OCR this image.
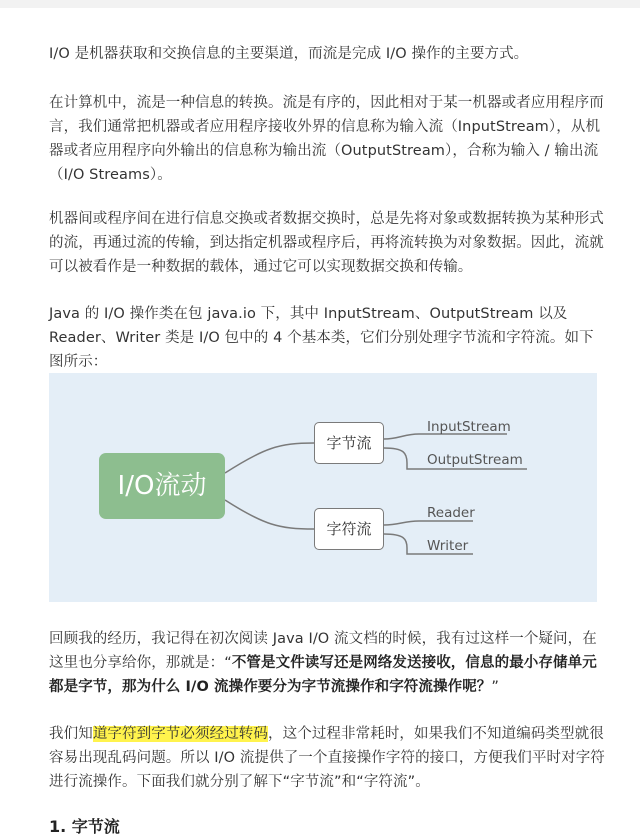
I/O 是机器获取和交换信息的主要渠道，而流是完成 I/O 操作的主要方式。

在计算机中，流是一种信息的转换。流是有序的，因此相对于某一机器或者应用程序而言，我们通常把机器或者应用程序接收外界的信息称为输入流（InputStream），从机器或者应用程序向外输出的信息称为输出流（OutputStream），合称为输入 / 输出流（I/O Streams）。

机器间或程序间在进行信息交换或者数据交换时，总是先将对象或数据转换为某种形式的流，再通过流的传输，到达指定机器或程序后，再将流转换为对象数据。因此，流就可以被看作是一种数据的载体，通过它可以实现数据交换和传输。

Java 的 I/O 操作类在包 java.io 下，其中 InputStream、OutputStream 以及 Reader、Writer 类是 I/O 包中的 4 个基本类，它们分别处理字节流和字符流。如下图所示：

回顾我的经历，我记得在初次阅读 Java I/O 流文档的时候，我有过这样一个疑问，在这里也分享给你，那就是：“不管是文件读写还是网络发送接收，信息的最小存储单元都是字节，那为什么 I/O 流操作要分为字节流操作和字符流操作呢？”

我们知道字符到字节必须经过转码，这个过程非常耗时，如果我们不知道编码类型就很容易出现乱码问题。所以 I/O 流提供了一个直接操作字符的接口，方便我们平时对字符进行流操作。下面我们就分别了解下“字节流”和“字符流”。

1. 字节流
I/O流动
字节流
字符流
InputStream
OutputStream
Reader
Writer
